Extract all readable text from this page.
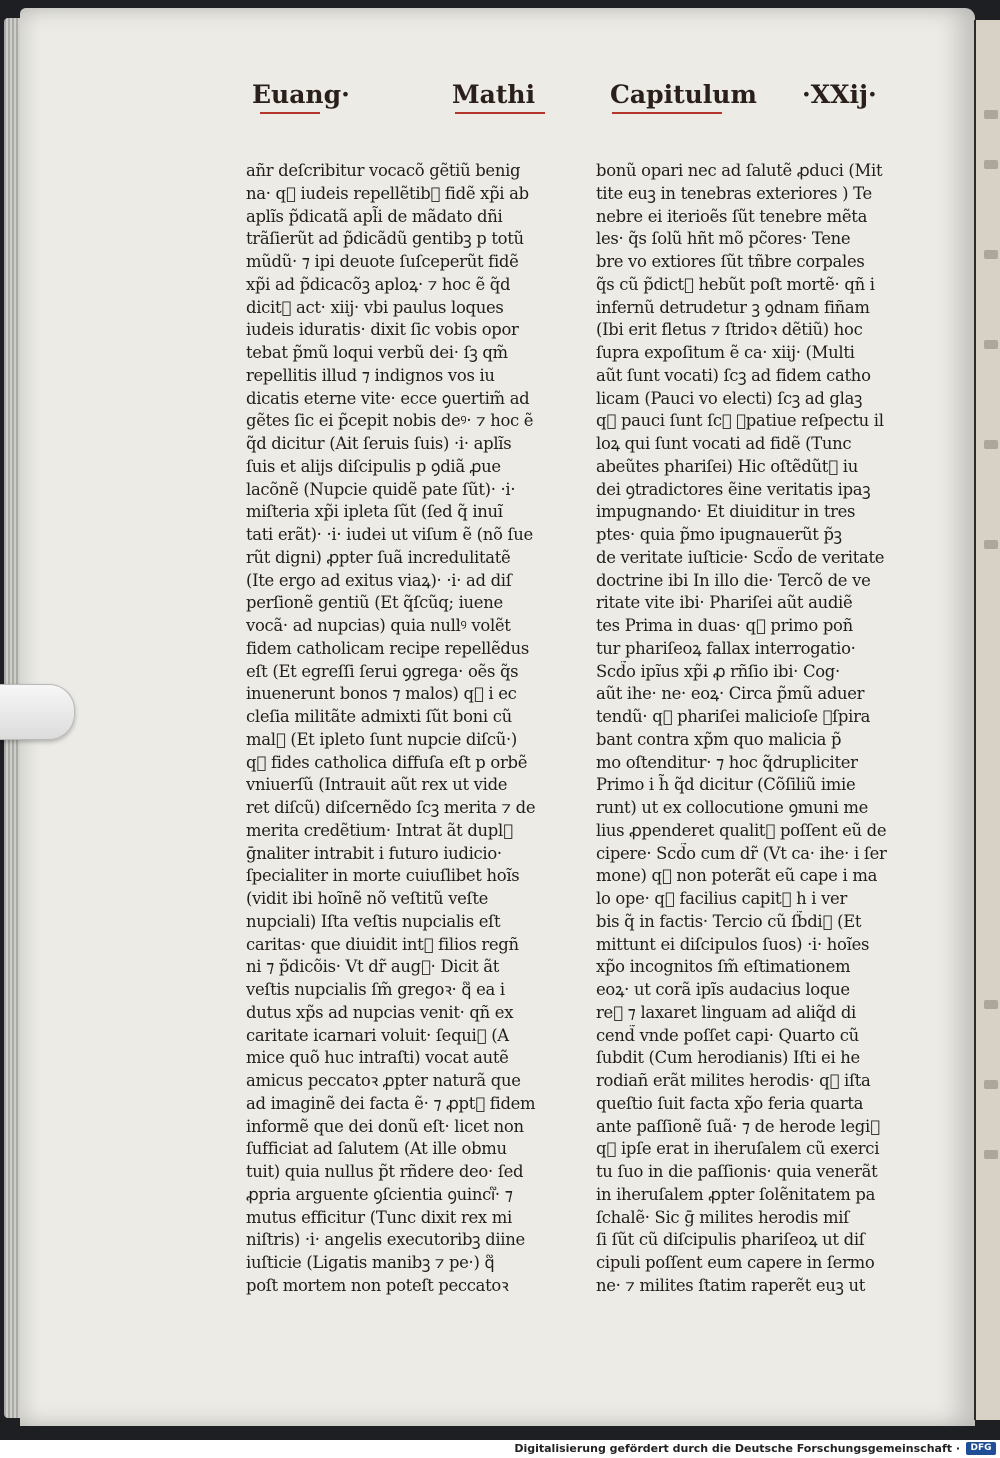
Euang·	Mathi	Capitulum ·XXij·
añr deſcribitur vocacõ gẽtiũ benig
na· q᷑ iudeis repellẽtibꝫ fidẽ xp̃i ab
aplĩs p̃dicatã apl̃i de mãdato dñi
trãſierũt ad p̃dicãdũ gentibꝫ p totũ
mũdũ· ⁊ ipi deuote ſuſceperũt fidẽ
xp̃i ad p̃dicacõꝫ aploꝝ· ⁊ hoc ẽ q̃d
dicit᷑ act· xiij· vbi paulus loques
iudeis iduratis· dixit ſic vobis opor
tebat p̃mũ loqui verbũ dei· ſꝫ qm̃
repellitis illud ⁊ indignos vos iu
dicatis eterne vite· ecce ꝯuertim̃ ad
gẽtes ſic ei p̃cepit nobis deꝰ· ⁊ hoc ẽ
q̃d dicitur (Ait ſeruis ſuis) ·i· aplĩs
ſuis et alijs diſcipulis p ꝯdiã ꝓue
lacõnẽ (Nupcie quidẽ pate ſũt)· ·i·
miſteria xp̃i ipleta ſũt (ſed q̃ inuĩ
tati erãt)· ·i· iudei ut viſum ẽ (nõ ſue
rũt digni) ꝓpter ſuã incredulitatẽ
(Ite ergo ad exitus viaꝝ)· ·i· ad diſ
perſionẽ gentiũ (Et q̃ſcũq; iuene
vocã· ad nupcias) quia nullꝰ volẽt
fidem catholicam recipe repellẽdus
eſt (Et egreſſi ſerui ꝯgrega· oẽs q̃s
inuenerunt bonos ⁊ malos) q᷑ i ec
cleſia militãte admixti ſũt boni cũ
mal᷑ (Et ipleto ſunt nupcie diſcũ·)
q᷑ fides catholica diffuſa eſt p orbẽ
vniuerſũ (Intrauit aũt rex ut vide
ret diſcũ) diſcernẽdo ſcꝫ merita ⁊ de
merita credẽtium· Intrat ãt dupl᷑
ḡnaliter intrabit i futuro iudicio·
ſpecialiter in morte cuiuſlibet hoĩs
(vidit ibi hoĩnẽ nõ veſtitũ veſte
nupciali) Iſta veſtis nupcialis eſt
caritas· que diuidit int᷑ filios regñ
ni ⁊ p̃dicõis· Vt dr̃ aug᷒· Dicit ãt
veſtis nupcialis ſm̃ gregoꝛ· q᷑ ea i
dutus xp̃s ad nupcias venit· qñ ex
caritate icarnari voluit· ſequi᷑ (A
mice quõ huc intraſti) vocat autẽ
amicus peccatoꝛ ꝓpter naturã que
ad imaginẽ dei facta ẽ· ⁊ ꝓpt᷑ fidem
informẽ que dei donũ eſt· licet non
ſufficiat ad ſalutem (At ille obmu
tuit) quia nullus p̃t rñdere deo· ſed
ꝓpria arguente ꝯſcientia ꝯuinci᷑· ⁊
mutus efficitur (Tunc dixit rex mi
niſtris) ·i· angelis executoribꝫ diine
iuſticie (Ligatis manibꝫ ⁊ pe·) q᷑
poſt mortem non poteſt peccatoꝛ
bonũ opari nec ad ſalutẽ ꝓduci (Mit
tite euꝫ in tenebras exteriores ) Te
nebre ei iterioẽs ſũt tenebre mẽta
les· q̃s ſolũ hñt mõ pc̃ores· Tene
bre vo extiores ſũt tñbre corpales
q̃s cũ p̃dict᷑ hebũt poſt mortẽ· qñ i
infernũ detrudetur ꝫ ꝯdnam fiñam
(Ibi erit fletus ⁊ ſtridoꝛ dẽtiũ) hoc
ſupra expoſitum ẽ ca· xiij· (Multi
aũt ſunt vocati) ſcꝫ ad fidem catho
licam (Pauci vo electi) ſcꝫ ad glaꝫ
q᷑ pauci ſunt ſcꝫ ꝯpatiue reſpectu il
loꝝ qui ſunt vocati ad fidẽ (Tunc
abeũtes phariſei) Hic oſtẽdũt᷑ iu
dei ꝯtradictores ẽine veritatis ipaꝫ
impugnando· Et diuiditur in tres
ptes· quia p̃mo ipugnauerũt p̃ꝫ
de veritate iuſticie· Scd̃o de veritate
doctrine ibi In illo die· Tercõ de ve
ritate vite ibi· Phariſei aũt audiẽ
tes Prima in duas· q᷑ primo poñ
tur phariſeoꝝ fallax interrogatio·
Scd̃o ipĩus xp̃i ꝓ rñſio ibi· Cog·
aũt ihe· ne· eoꝝ· Circa p̃mũ aduer
tendũ· q᷑ phariſei malicioſe ꝯſpira
bant contra xp̃m quo malicia p̃
mo oſtenditur· ⁊ hoc q̃drupliciter
Primo i h̃ q̃d dicitur (Cõſiliũ imie
runt) ut ex collocutione ꝯmuni me
lius ꝓpenderet qualit᷑ poſſent eũ de
cipere· Scd̃o cum dr̃ (Vt ca· ihe· i ſer
mone) q᷑ non poterãt eũ cape i ma
lo ope· q᷑ facilius capit᷑ h i ver
bis q̃ in factis· Tercio cũ ſb̃di᷑ (Et
mittunt ei diſcipulos ſuos) ·i· hoĩes
xp̃o incognitos ſm̃ eſtimationem
eoꝝ· ut corã ipĩs audacius loque
re᷑ ⁊ laxaret linguam ad aliq̃d di
cend̃ vnde poſſet capi· Quarto cũ
ſubdit (Cum herodianis) Iſti ei he
rodiañ erãt milites herodis· q᷑ iſta
queſtio ſuit facta xp̃o feria quarta
ante paſſionẽ ſuã· ⁊ de herode legi᷑
q᷑ ipſe erat in iheruſalem cũ exerci
tu ſuo in die paſſionis· quia venerãt
in iheruſalem ꝓpter ſolẽnitatem pa
ſchalẽ· Sic ḡ milites herodis miſ
ſi ſũt cũ diſcipulis phariſeoꝝ ut diſ
cipuli poſſent eum capere in ſermo
ne· ⁊ milites ſtatim raperẽt euꝫ ut
Digitalisierung gefördert durch die Deutsche Forschungsgemeinschaft ·	DFG
